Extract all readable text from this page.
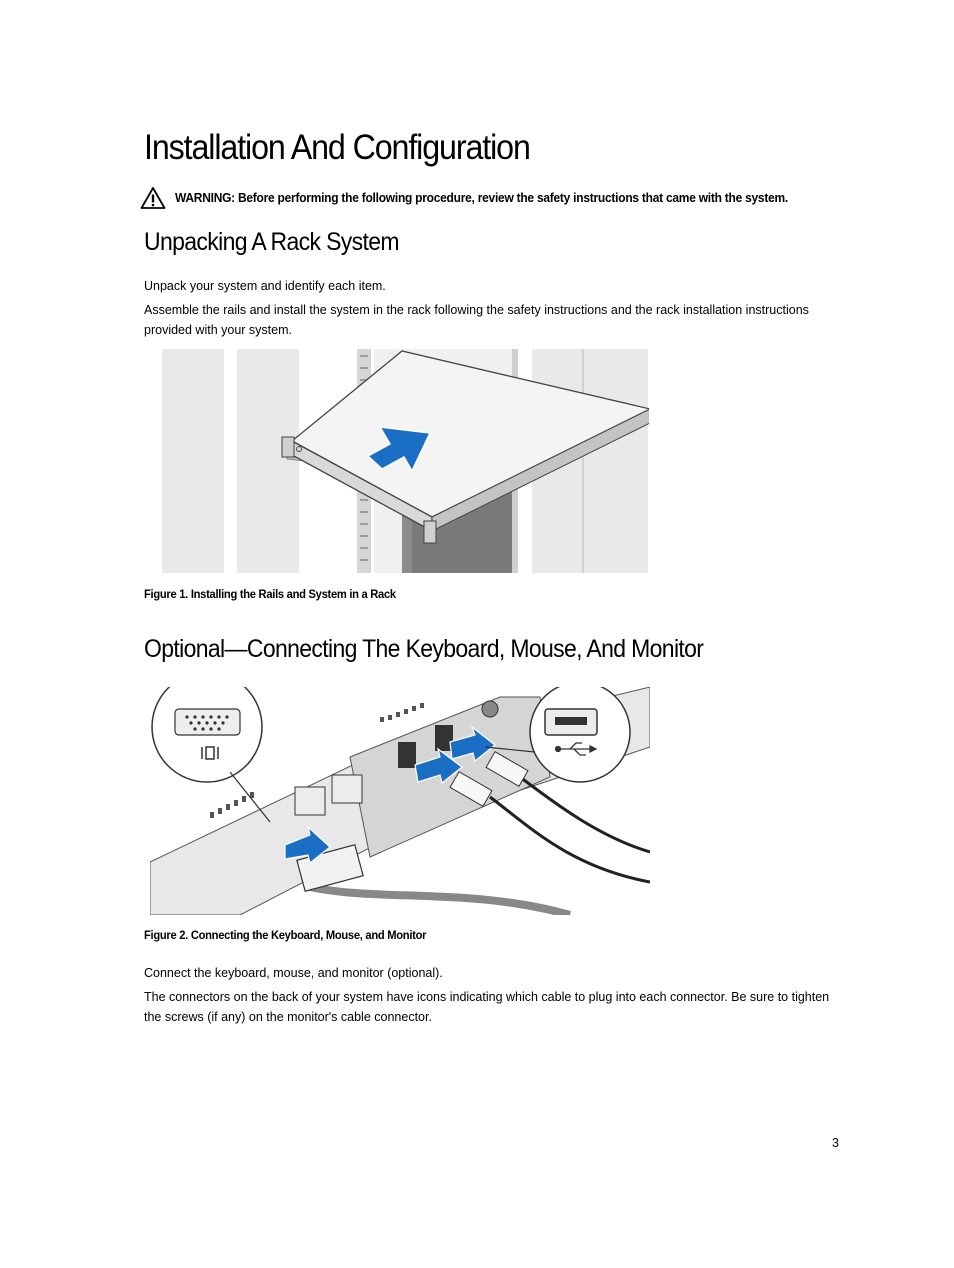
Installation And Configuration
WARNING: Before performing the following procedure, review the safety instructions that came with the system.
Unpacking A Rack System

Unpack your system and identify each item.

Assemble the rails and install the system in the rack following the safety instructions and the rack installation instructions provided with your system.

Figure 1. Installing the Rails and System in a Rack

Optional—Connecting The Keyboard, Mouse, And Monitor

Figure 2. Connecting the Keyboard, Mouse, and Monitor

Connect the keyboard, mouse, and monitor (optional).

The connectors on the back of your system have icons indicating which cable to plug into each connector. Be sure to tighten the screws (if any) on the monitor's cable connector.

3
